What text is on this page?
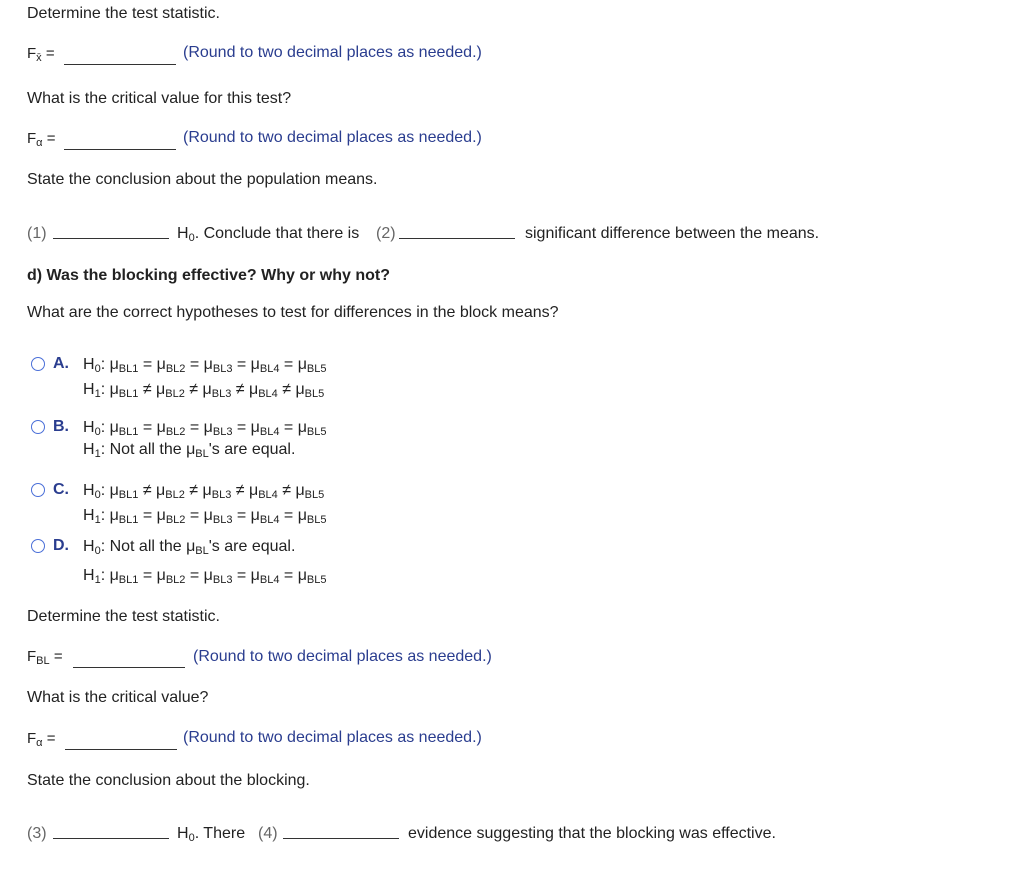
Determine the test statistic.
$F_{x̄}$ =	(Round to two decimal places as needed.)
What is the critical value for this test?
$F_\alpha$ =	(Round to two decimal places as needed.)
State the conclusion about the population means.
(1)	$H_0$. Conclude that there is (2)	significant difference between the means.
d) Was the blocking effective? Why or why not?
What are the correct hypotheses to test for differences in the block means?
A. $H_0$: $\mu_{BL1} = \mu_{BL2} = \mu_{BL3} = \mu_{BL4} = \mu_{BL5}$
$H_1$: $\mu_{BL1} \ne \mu_{BL2} \ne \mu_{BL3} \ne \mu_{BL4} \ne \mu_{BL5}$
B. $H_0$: $\mu_{BL1} = \mu_{BL2} = \mu_{BL3} = \mu_{BL4} = \mu_{BL5}$
$H_1$: Not all the $\mu_{BL}'s$ are equal.
C. $H_0$: $\mu_{BL1} \ne \mu_{BL2} \ne \mu_{BL3} \ne \mu_{BL4} \ne \mu_{BL5}$
$H_1$: $\mu_{BL1} = \mu_{BL2} = \mu_{BL3} = \mu_{BL4} = \mu_{BL5}$
D. $H_0$: Not all the $\mu_{BL}'s$ are equal.
$H_1$: $\mu_{BL1} = \mu_{BL2} = \mu_{BL3} = \mu_{BL4} = \mu_{BL5}$
Determine the test statistic.
$F_{BL}$ =	(Round to two decimal places as needed.)
What is the critical value?
$F_\alpha$ =	(Round to two decimal places as needed.)
State the conclusion about the blocking.
(3)	$H_0$. There (4)	evidence suggesting that the blocking was effective.
